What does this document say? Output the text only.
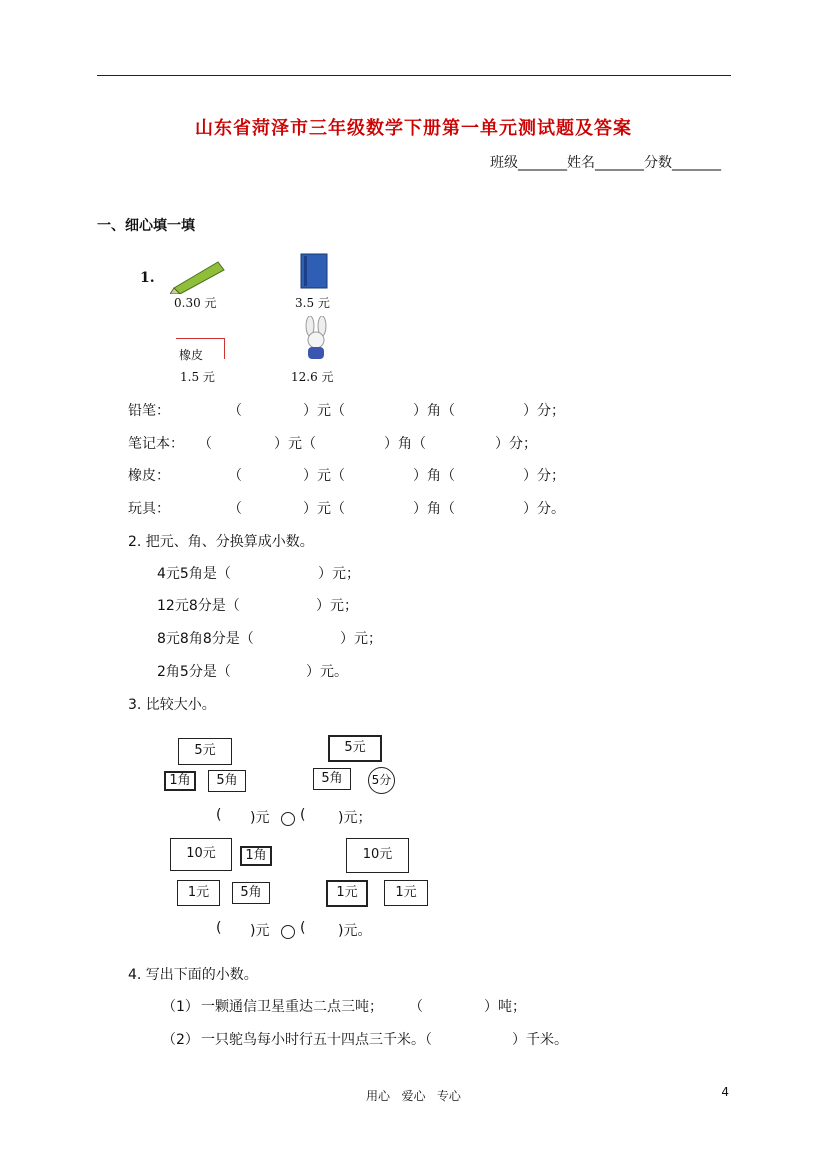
山东省菏泽市三年级数学下册第一单元测试题及答案
班级_______姓名_______分数_______
一、细心填一填
1.
0.30 元	3.5 元
橡皮
1.5 元	12.6 元
铅笔：	（	）元（	）角（	）分；
笔记本： （	）元（	）角（	）分；
橡皮：	（	）元（	）角（	）分；
玩具：	（	）元（	）角（	）分。
2. 把元、角、分换算成小数。
4元5角是（	）元；
12元8分是（	）元；
8元8角8分是（	）元；
2角5分是（	）元。
3. 比较大小。
5元
1角	5角
5元
5角	5分
( )元 ( )元；
10元	1角
1元	5角
10元
1元	1元
( )元 ( )元。
4. 写出下面的小数。
（1） 一颗通信卫星重达二点三吨； （	）吨；
（2） 一只鸵鸟每小时行五十四点三千米。（	）千米。
用心   爱心   专心	4
